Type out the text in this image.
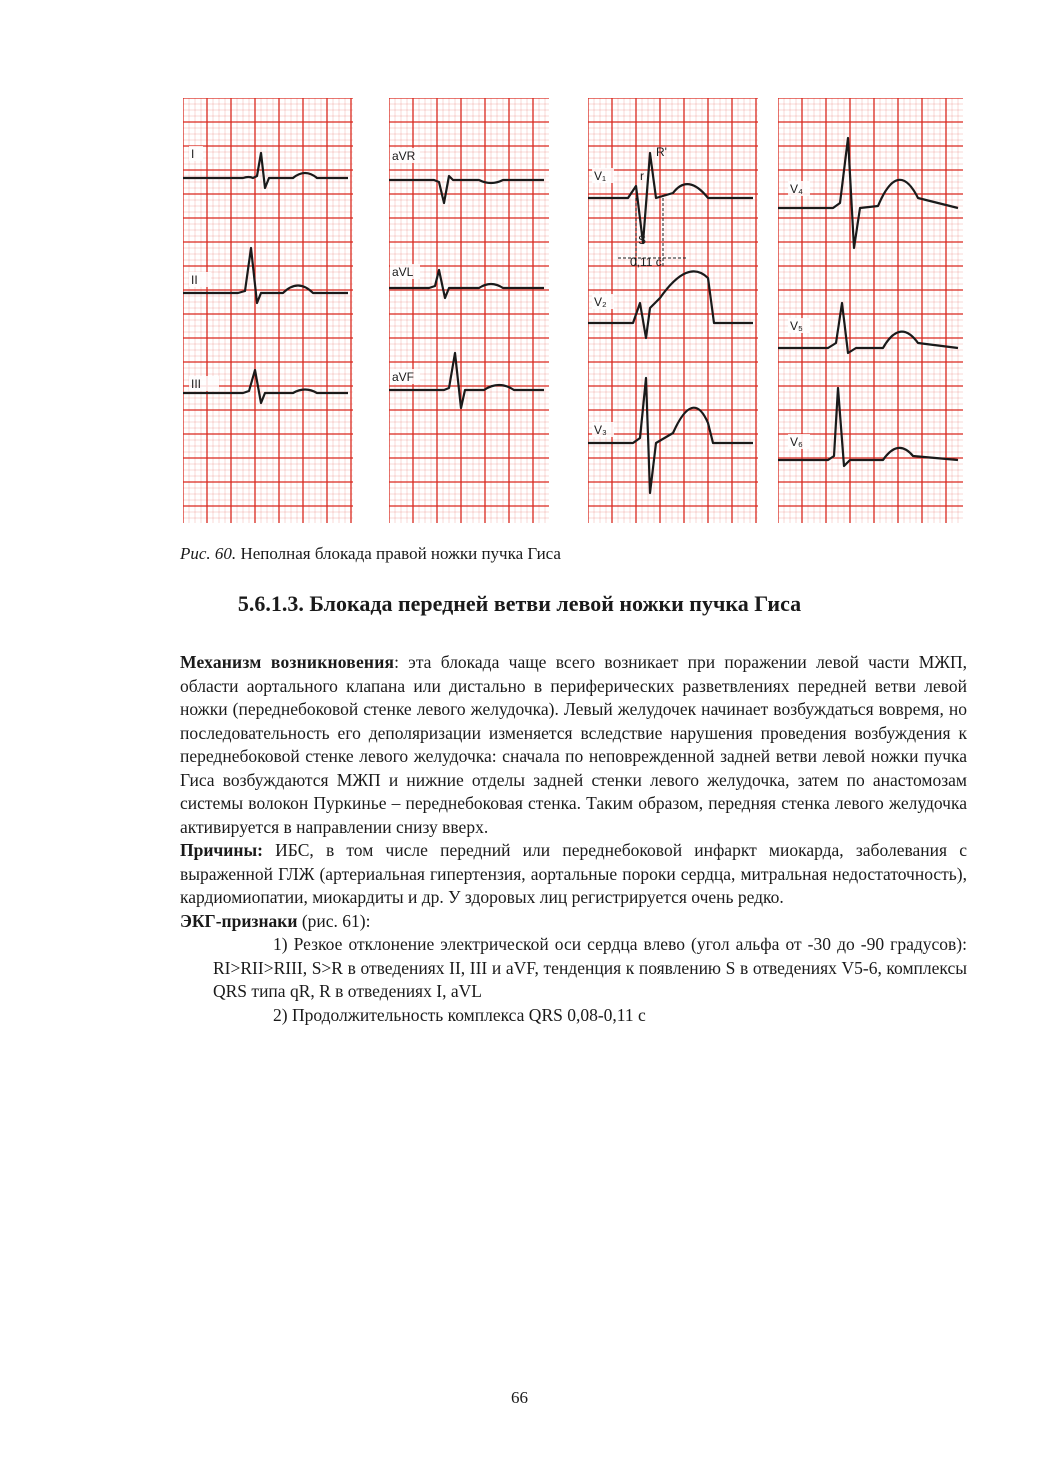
I
II
III
aVR
aVL
aVF
V₁
V₂
V₃
R'
S
0,11 с
r
V₄
V₅
V₆
Рис. 60. Неполная блокада правой ножки пучка Гиса
5.6.1.3. Блокада передней ветви левой ножки пучка Гиса

Механизм возникновения: эта блокада чаще всего возникает при поражении левой части МЖП, области аортального клапана или дистально в периферических разветвлениях передней ветви левой ножки (переднебоковой стенке левого желудочка). Левый желудочек начинает возбуждаться вовремя, но последовательность его деполяризации изменяется вследствие нарушения проведения возбуждения к переднебоковой стенке левого желудочка: сначала по неповрежденной задней ветви левой ножки пучка Гиса возбуждаются МЖП и нижние отделы задней стенки левого желудочка, затем по анастомозам системы волокон Пуркинье – переднебоковая стенка. Таким образом, передняя стенка левого желудочка активируется в направлении снизу вверх.

Причины: ИБС, в том числе передний или переднебоковой инфаркт миокарда, заболевания с выраженной ГЛЖ (артериальная гипертензия, аортальные пороки сердца, митральная недостаточность), кардиомиопатии, миокардиты и др. У здоровых лиц регистрируется очень редко.

ЭКГ-признаки (рис. 61):

1) Резкое отклонение электрической оси сердца влево (угол альфа от -30 до -90 градусов): RI>RII>RIII, S>R в отведениях II, III и aVF, тенденция к появлению S в отведениях V5-6, комплексы QRS типа qR, R в отведениях I, aVL

2) Продолжительность комплекса QRS 0,08-0,11 с

66
